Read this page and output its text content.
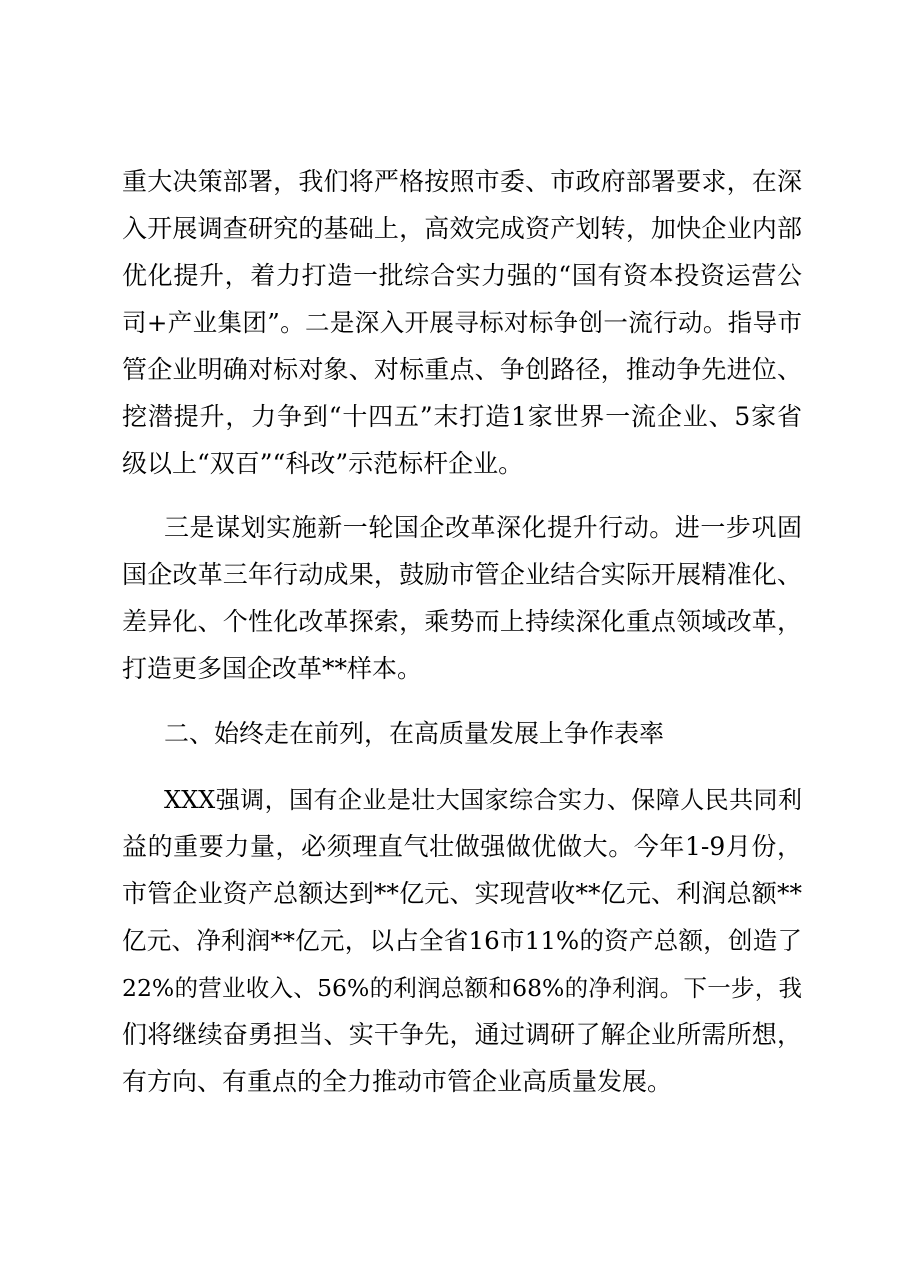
重大决策部署，我们将严格按照市委、市政府部署要求，在深
入开展调查研究的基础上，高效完成资产划转，加快企业内部
优化提升，着力打造一批综合实力强的“国有资本投资运营公
司+产业集团”。二是深入开展寻标对标争创一流行动。指导市
管企业明确对标对象、对标重点、争创路径，推动争先进位、
挖潜提升，力争到“十四五”末打造1家世界一流企业、5家省
级以上“双百”“科改”示范标杆企业。
三是谋划实施新一轮国企改革深化提升行动。进一步巩固
国企改革三年行动成果，鼓励市管企业结合实际开展精准化、
差异化、个性化改革探索，乘势而上持续深化重点领域改革，
打造更多国企改革**样本。
二、始终走在前列，在高质量发展上争作表率
XXX强调，国有企业是壮大国家综合实力、保障人民共同利
益的重要力量，必须理直气壮做强做优做大。今年1-9月份，
市管企业资产总额达到**亿元、实现营收**亿元、利润总额**
亿元、净利润**亿元，以占全省16市11%的资产总额，创造了
22%的营业收入、56%的利润总额和68%的净利润。下一步，我
们将继续奋勇担当、实干争先，通过调研了解企业所需所想，
有方向、有重点的全力推动市管企业高质量发展。
